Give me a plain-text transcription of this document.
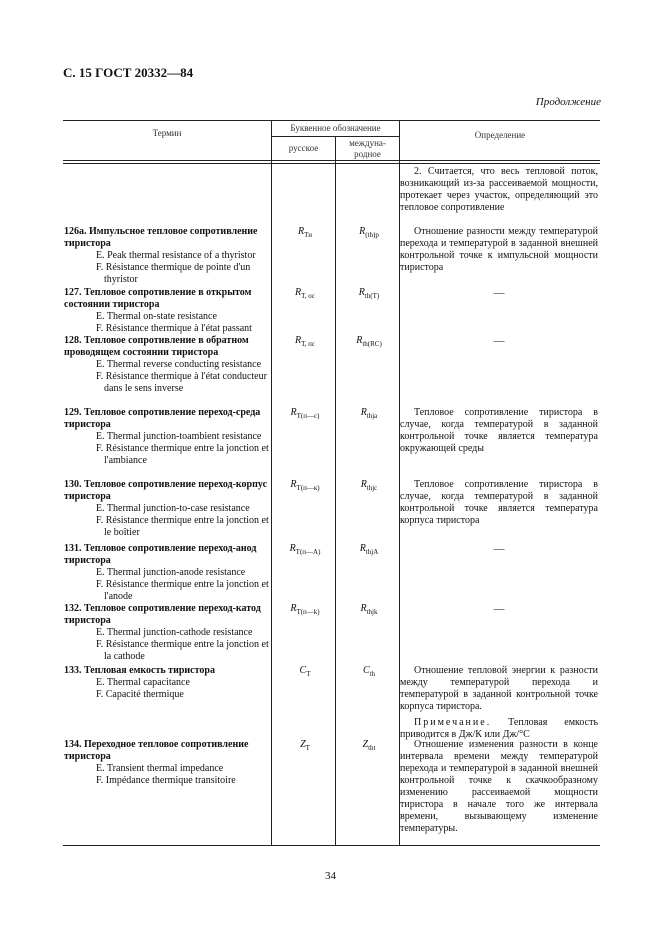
С. 15 ГОСТ 20332—84
Продолжение
Термин	Буквенное обозначение
русское	междуна-
родное
Определение
2. Считается, что весь тепловой поток, возникающий из-за рассеиваемой мощности, протекает через участок, определяющий это тепловое сопротивление
126а. Импульсное тепловое сопротивление тиристора
E. Peak thermal resistance of a thyristor
F. Résistance thermique de pointe d'un thyristor
$R_{Ти}$	$R_{(th)p}$	Отношение разности между температурой перехода и температурой в заданной внешней контрольной точке к импульсной мощности тиристора
127. Тепловое сопротивление в открытом состоянии тиристора
E. Thermal on-state resistance
F. Résistance thermique à l'état passant
$R_{Т, ос}$	$R_{th(T)}$	—
128. Тепловое сопротивление в обратном проводящем состоянии тиристора
E. Thermal reverse conducting resistance
F. Résistance thermique à l'état conducteur dans le sens inverse
$R_{Т, пс}$	$R_{th(RC)}$	—
129. Тепловое сопротивление переход-среда тиристора
E. Thermal junction-toambient resistance
F. Résistance thermique entre la jonction et l'ambiance
$R_{Т(п—с)}$	$R_{thja}$	Тепловое сопротивление тиристора в случае, когда температурой в заданной контрольной точке является температура окружающей среды
130. Тепловое сопротивление переход-корпус тиристора
E. Thermal junction-to-case resistance
F. Résistance thermique entre la jonction et le boîtier
$R_{Т(п—к)}$	$R_{thjc}$	Тепловое сопротивление тиристора в случае, когда температурой в заданной контрольной точке является температура корпуса тиристора
131. Тепловое сопротивление переход-анод тиристора
E. Thermal junction-anode resistance
F. Résistance thermique entre la jonction et l'anode
$R_{Т(п—А)}$	$R_{thjA}$	—
132. Тепловое сопротивление переход-катод тиристора
E. Thermal junction-cathode resistance
F. Résistance thermique entre la jonction et la cathode
$R_{Т(п—k)}$	$R_{thjk}$	—
133. Тепловая емкость тиристора
E. Thermal capacitance
F. Capacité thermique
$C_Т$	$C_{th}$	Отношение тепловой энергии к разности между температурой перехода и температурой в заданной контрольной точке корпуса тиристора.
Примечание. Тепловая емкость приводится в Дж/К или Дж/°С
134. Переходное тепловое сопротивление тиристора
E. Transient thermal impedance
F. Impédance thermique transitoire
$Z_Т$	$Z_{tht}$	Отношение изменения разности в конце интервала времени между температурой перехода и температурой в заданной внешней контрольной точке к скачкообразному изменению рассеиваемой мощности тиристора в начале того же интервала времени, вызывающему изменение температуры.
34
